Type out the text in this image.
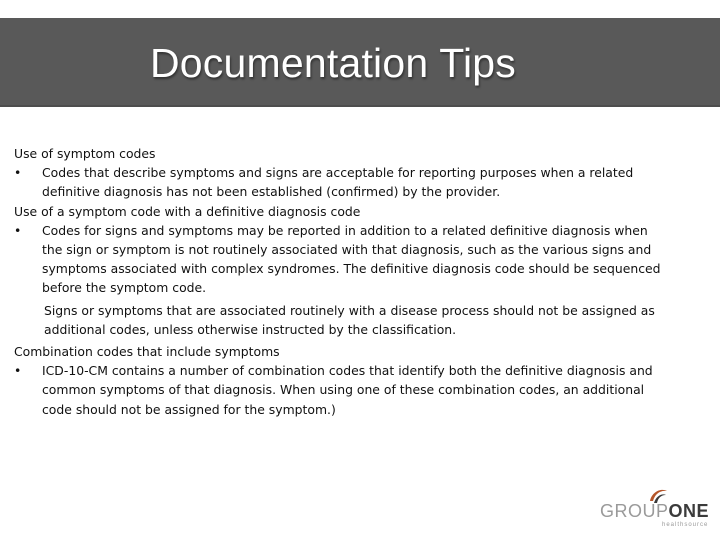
Documentation Tips

Use of symptom codes

• Codes that describe symptoms and signs are acceptable for reporting purposes when a related definitive diagnosis has not been established (confirmed) by the provider.

Use of a symptom code with a definitive diagnosis code

• Codes for signs and symptoms may be reported in addition to a related definitive diagnosis when the sign or symptom is not routinely associated with that diagnosis, such as the various signs and symptoms associated with complex syndromes. The definitive diagnosis code should be sequenced before the symptom code.

Signs or symptoms that are associated routinely with a disease process should not be assigned as additional codes, unless otherwise instructed by the classification.

Combination codes that include symptoms

• ICD-10-CM contains a number of combination codes that identify both the definitive diagnosis and common symptoms of that diagnosis. When using one of these combination codes, an additional code should not be assigned for the symptom.)

GROUPONE
healthsource
